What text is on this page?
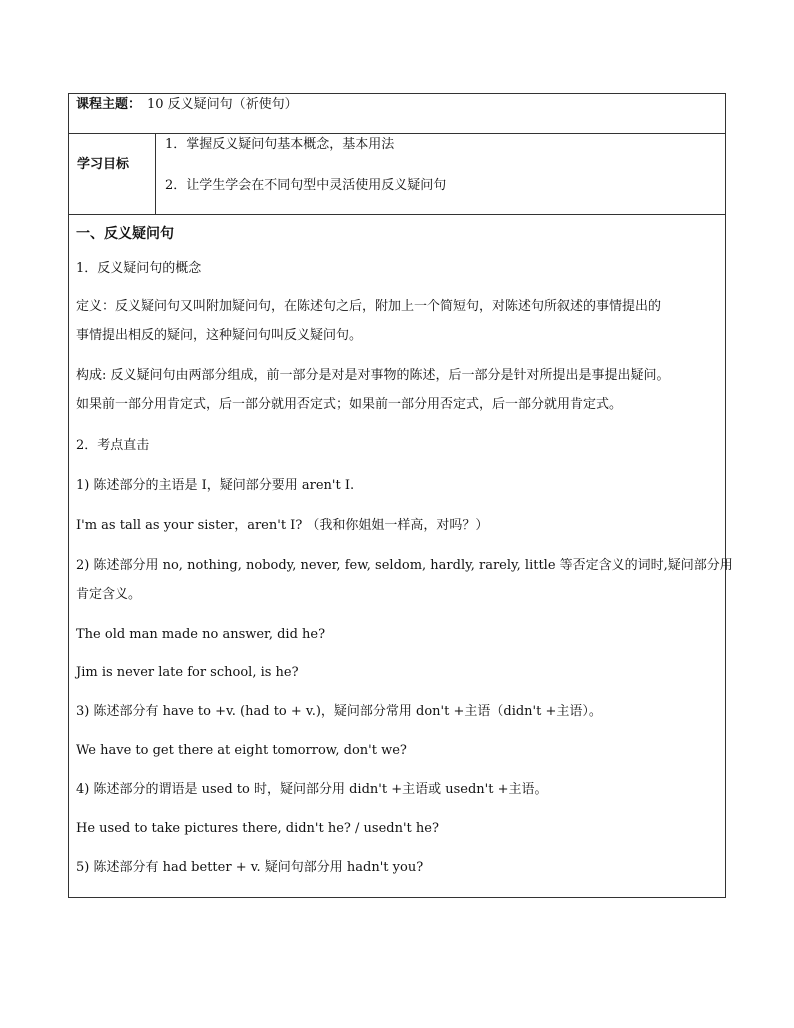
课程主题： 10 反义疑问句（祈使句）
学习目标
1．掌握反义疑问句基本概念，基本用法
2．让学生学会在不同句型中灵活使用反义疑问句
一、反义疑问句
1．反义疑问句的概念
定义：反义疑问句又叫附加疑问句，在陈述句之后，附加上一个简短句，对陈述句所叙述的事情提出的
事情提出相反的疑问，这种疑问句叫反义疑问句。
构成: 反义疑问句由两部分组成，前一部分是对是对事物的陈述，后一部分是针对所提出是事提出疑问。
如果前一部分用肯定式，后一部分就用否定式；如果前一部分用否定式，后一部分就用肯定式。
2．考点直击
1) 陈述部分的主语是 I，疑问部分要用 aren't I.
I'm as tall as your sister，aren't I? （我和你姐姐一样高，对吗？）
2) 陈述部分用 no, nothing, nobody, never, few, seldom, hardly, rarely, little 等否定含义的词时,疑问部分用
肯定含义。
The old man made no answer, did he?
Jim is never late for school, is he?
3) 陈述部分有 have to +v. (had to + v.)，疑问部分常用 don't +主语（didn't +主语）。
We have to get there at eight tomorrow, don't we?
4) 陈述部分的谓语是 used to 时，疑问部分用 didn't +主语或 usedn't +主语。
He used to take pictures there, didn't he? / usedn't he?
5) 陈述部分有 had better + v. 疑问句部分用 hadn't you?
